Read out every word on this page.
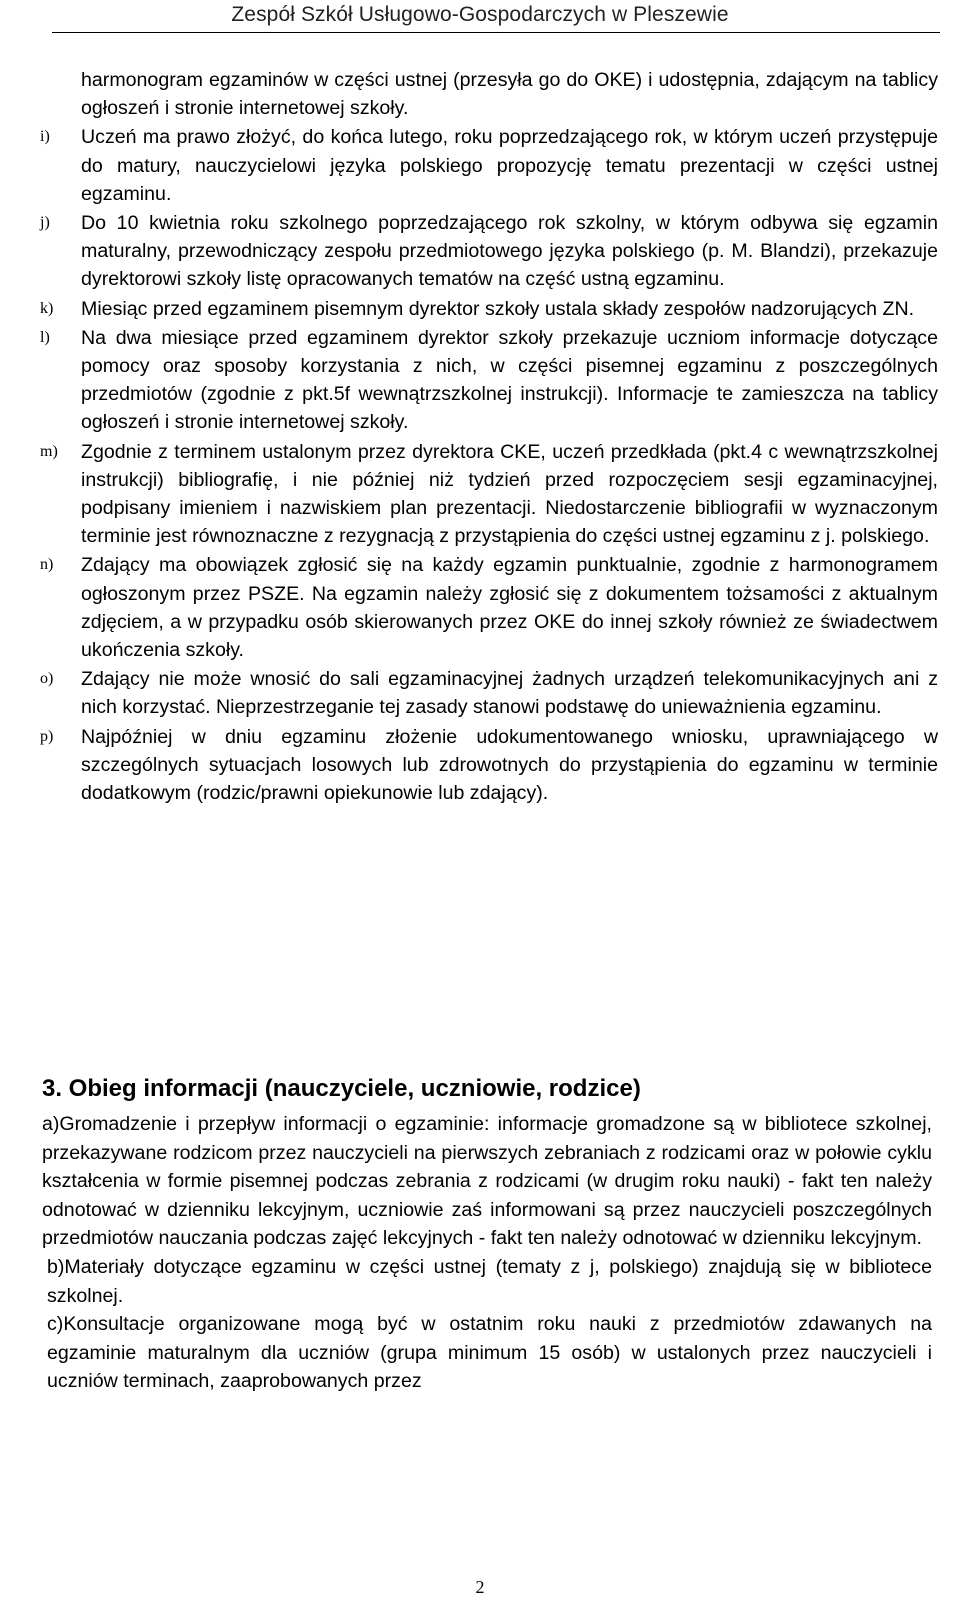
Zespół Szkół Usługowo-Gospodarczych w Pleszewie
harmonogram egzaminów w części ustnej (przesyła go do OKE) i udostępnia, zdającym na tablicy ogłoszeń i stronie internetowej szkoły.
i) Uczeń ma prawo złożyć, do końca lutego, roku poprzedzającego rok, w którym uczeń przystępuje do matury, nauczycielowi języka polskiego propozycję tematu prezentacji w części ustnej egzaminu.
j) Do 10 kwietnia roku szkolnego poprzedzającego rok szkolny, w którym odbywa się egzamin maturalny, przewodniczący zespołu przedmiotowego języka polskiego (p. M. Blandzi), przekazuje dyrektorowi szkoły listę opracowanych tematów na część ustną egzaminu.
k) Miesiąc przed egzaminem pisemnym dyrektor szkoły ustala składy zespołów nadzorujących ZN.
l) Na dwa miesiące przed egzaminem dyrektor szkoły przekazuje uczniom informacje dotyczące pomocy oraz sposoby korzystania z nich, w części pisemnej egzaminu z poszczególnych przedmiotów (zgodnie z pkt.5f wewnątrzszkolnej instrukcji). Informacje te zamieszcza na tablicy ogłoszeń i stronie internetowej szkoły.
m) Zgodnie z terminem ustalonym przez dyrektora CKE, uczeń przedkłada (pkt.4 c wewnątrzszkolnej instrukcji) bibliografię, i nie później niż tydzień przed rozpoczęciem sesji egzaminacyjnej, podpisany imieniem i nazwiskiem plan prezentacji. Niedostarczenie bibliografii w wyznaczonym terminie jest równoznaczne z rezygnacją z przystąpienia do części ustnej egzaminu z j. polskiego.
n) Zdający ma obowiązek zgłosić się na każdy egzamin punktualnie, zgodnie z harmonogramem ogłoszonym przez PSZE. Na egzamin należy zgłosić się z dokumentem tożsamości z aktualnym zdjęciem, a w przypadku osób skierowanych przez OKE do innej szkoły również ze świadectwem ukończenia szkoły.
o) Zdający nie może wnosić do sali egzaminacyjnej żadnych urządzeń telekomunikacyjnych ani z nich korzystać. Nieprzestrzeganie tej zasady stanowi podstawę do unieważnienia egzaminu.
p) Najpóźniej w dniu egzaminu złożenie udokumentowanego wniosku, uprawniającego w szczególnych sytuacjach losowych lub zdrowotnych do przystąpienia do egzaminu w terminie dodatkowym (rodzic/prawni opiekunowie lub zdający).
3. Obieg informacji (nauczyciele, uczniowie, rodzice)

a)Gromadzenie i przepływ informacji o egzaminie: informacje gromadzone są w bibliotece szkolnej, przekazywane rodzicom przez nauczycieli na pierwszych zebraniach z rodzicami oraz w połowie cyklu kształcenia w formie pisemnej podczas zebrania z rodzicami (w drugim roku nauki) - fakt ten należy odnotować w dzienniku lekcyjnym, uczniowie zaś informowani są przez nauczycieli poszczególnych przedmiotów nauczania podczas zajęć lekcyjnych - fakt ten należy odnotować w dzienniku lekcyjnym.

b)Materiały dotyczące egzaminu w części ustnej (tematy z j, polskiego) znajdują się w bibliotece szkolnej.

c)Konsultacje organizowane mogą być w ostatnim roku nauki z przedmiotów zdawanych na egzaminie maturalnym dla uczniów (grupa minimum 15 osób) w ustalonych przez nauczycieli i uczniów terminach, zaaprobowanych przez

2
